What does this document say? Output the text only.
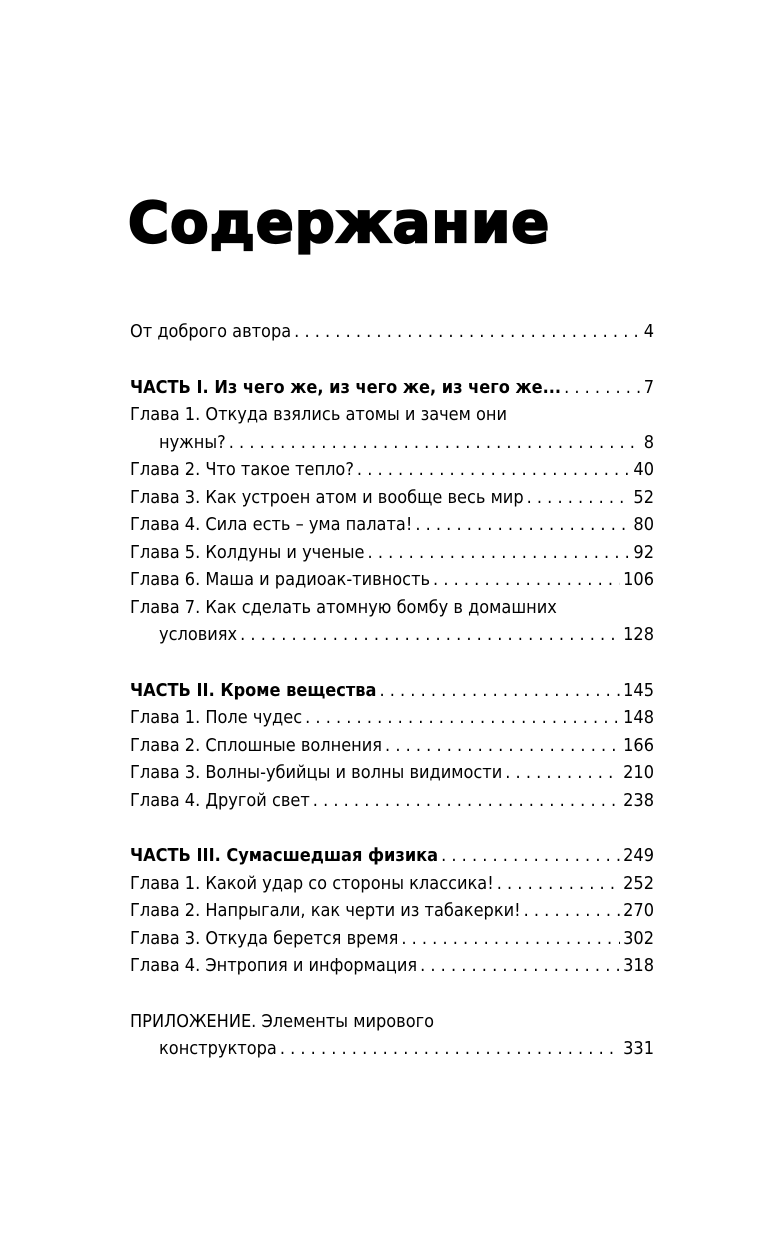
Содержание
От доброго автора . . .	4
ЧАСТЬ I. Из чего же, из чего же, из чего же... . . .	7
Глава 1. Откуда взялись атомы и зачем они
нужны? . . .	8
Глава 2. Что такое тепло? . . .	40
Глава 3. Как устроен атом и вообще весь мир . . .	52
Глава 4. Сила есть – ума палата! . . .	80
Глава 5. Колдуны и ученые . . .	92
Глава 6. Маша и радиоак-тивность . . .	106
Глава 7. Как сделать атомную бомбу в домашних
условиях . . .	128
ЧАСТЬ II. Кроме вещества . . .	145
Глава 1. Поле чудес . . .	148
Глава 2. Сплошные волнения . . .	166
Глава 3. Волны-убийцы и волны видимости . . .	210
Глава 4. Другой свет . . .	238
ЧАСТЬ III. Сумасшедшая физика . . .	249
Глава 1. Какой удар со стороны классика! . . .	252
Глава 2. Напрыгали, как черти из табакерки! . . .	270
Глава 3. Откуда берется время . . .	302
Глава 4. Энтропия и информация . . .	318
ПРИЛОЖЕНИЕ. Элементы мирового
конструктора . . .	331
